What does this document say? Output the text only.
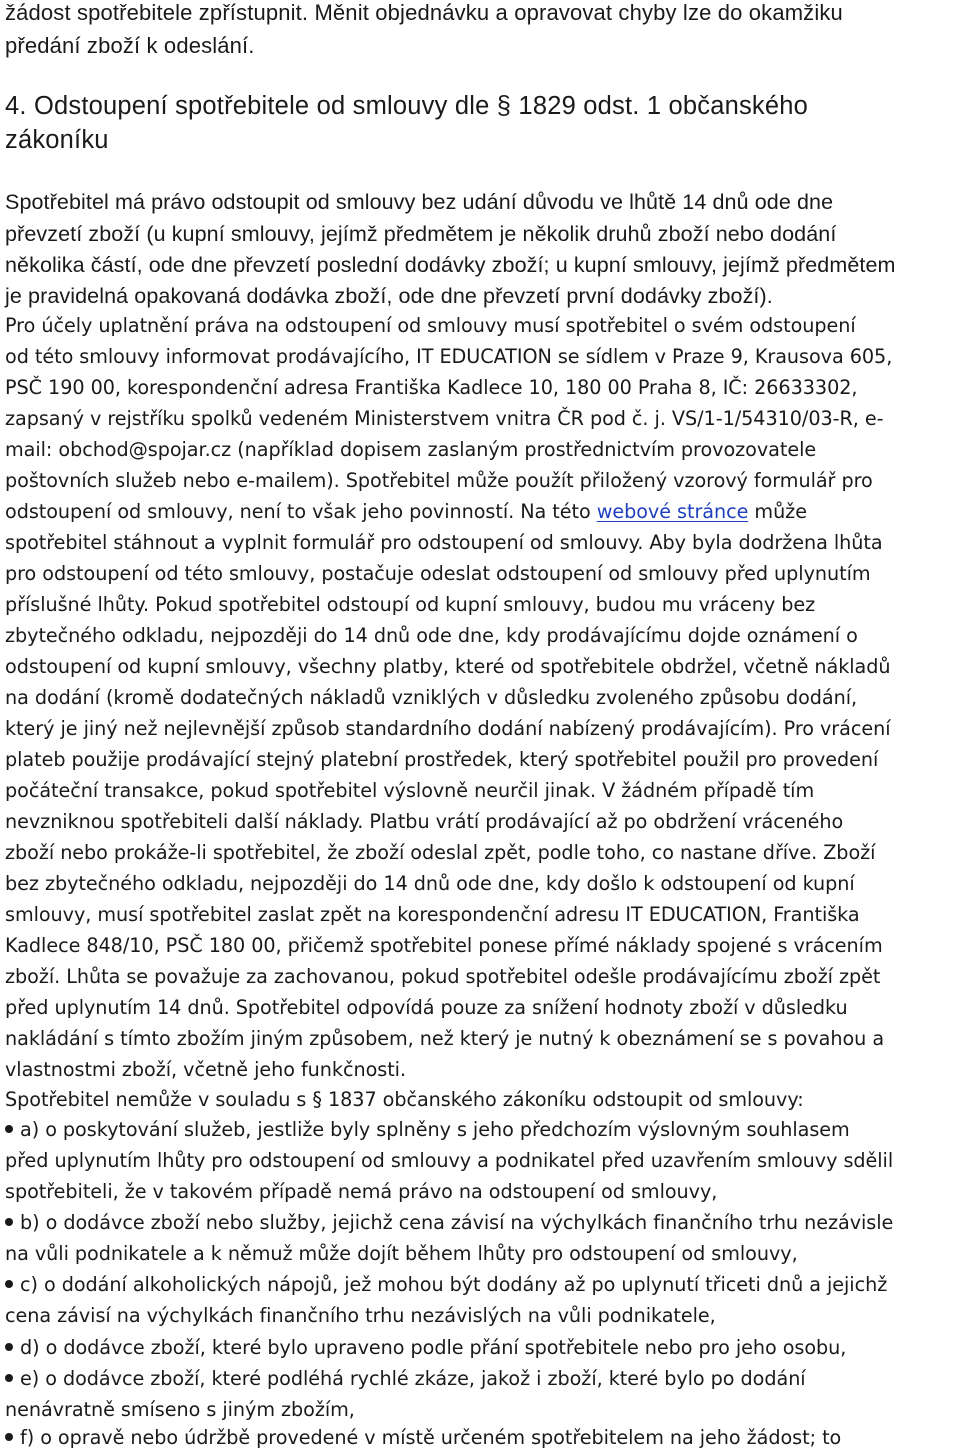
žádost spotřebitele zpřístupnit. Měnit objednávku a opravovat chyby lze do okamžiku
předání zboží k odeslání.
4. Odstoupení spotřebitele od smlouvy dle § 1829 odst. 1 občanského
zákoníku
Spotřebitel má právo odstoupit od smlouvy bez udání důvodu ve lhůtě 14 dnů ode dne
převzetí zboží (u kupní smlouvy, jejímž předmětem je několik druhů zboží nebo dodání
několika částí, ode dne převzetí poslední dodávky zboží; u kupní smlouvy, jejímž předmětem
je pravidelná opakovaná dodávka zboží, ode dne převzetí první dodávky zboží).
Pro účely uplatnění práva na odstoupení od smlouvy musí spotřebitel o svém odstoupení
od této smlouvy informovat prodávajícího, IT EDUCATION se sídlem v Praze 9, Krausova 605,
PSČ 190 00, korespondenční adresa Františka Kadlece 10, 180 00 Praha 8, IČ: 26633302,
zapsaný v rejstříku spolků vedeném Ministerstvem vnitra ČR pod č. j. VS/1-1/54310/03-R, e-
mail: obchod@spojar.cz (například dopisem zaslaným prostřednictvím provozovatele
poštovních služeb nebo e-mailem). Spotřebitel může použít přiložený vzorový formulář pro
odstoupení od smlouvy, není to však jeho povinností. Na této webové stránce může
spotřebitel stáhnout a vyplnit formulář pro odstoupení od smlouvy. Aby byla dodržena lhůta
pro odstoupení od této smlouvy, postačuje odeslat odstoupení od smlouvy před uplynutím
příslušné lhůty. Pokud spotřebitel odstoupí od kupní smlouvy, budou mu vráceny bez
zbytečného odkladu, nejpozději do 14 dnů ode dne, kdy prodávajícímu dojde oznámení o
odstoupení od kupní smlouvy, všechny platby, které od spotřebitele obdržel, včetně nákladů
na dodání (kromě dodatečných nákladů vzniklých v důsledku zvoleného způsobu dodání,
který je jiný než nejlevnější způsob standardního dodání nabízený prodávajícím). Pro vrácení
plateb použije prodávající stejný platební prostředek, který spotřebitel použil pro provedení
počáteční transakce, pokud spotřebitel výslovně neurčil jinak. V žádném případě tím
nevzniknou spotřebiteli další náklady. Platbu vrátí prodávající až po obdržení vráceného
zboží nebo prokáže-li spotřebitel, že zboží odeslal zpět, podle toho, co nastane dříve. Zboží
bez zbytečného odkladu, nejpozději do 14 dnů ode dne, kdy došlo k odstoupení od kupní
smlouvy, musí spotřebitel zaslat zpět na korespondenční adresu IT EDUCATION, Františka
Kadlece 848/10, PSČ 180 00, přičemž spotřebitel ponese přímé náklady spojené s vrácením
zboží. Lhůta se považuje za zachovanou, pokud spotřebitel odešle prodávajícímu zboží zpět
před uplynutím 14 dnů. Spotřebitel odpovídá pouze za snížení hodnoty zboží v důsledku
nakládání s tímto zbožím jiným způsobem, než který je nutný k obeznámení se s povahou a
vlastnostmi zboží, včetně jeho funkčnosti.
Spotřebitel nemůže v souladu s § 1837 občanského zákoníku odstoupit od smlouvy:
a) o poskytování služeb, jestliže byly splněny s jeho předchozím výslovným souhlasem
před uplynutím lhůty pro odstoupení od smlouvy a podnikatel před uzavřením smlouvy sdělil
spotřebiteli, že v takovém případě nemá právo na odstoupení od smlouvy,
b) o dodávce zboží nebo služby, jejichž cena závisí na výchylkách finančního trhu nezávisle
na vůli podnikatele a k němuž může dojít během lhůty pro odstoupení od smlouvy,
c) o dodání alkoholických nápojů, jež mohou být dodány až po uplynutí třiceti dnů a jejichž
cena závisí na výchylkách finančního trhu nezávislých na vůli podnikatele,
d) o dodávce zboží, které bylo upraveno podle přání spotřebitele nebo pro jeho osobu,
e) o dodávce zboží, které podléhá rychlé zkáze, jakož i zboží, které bylo po dodání
nenávratně smíseno s jiným zbožím,
f) o opravě nebo údržbě provedené v místě určeném spotřebitelem na jeho žádost; to
